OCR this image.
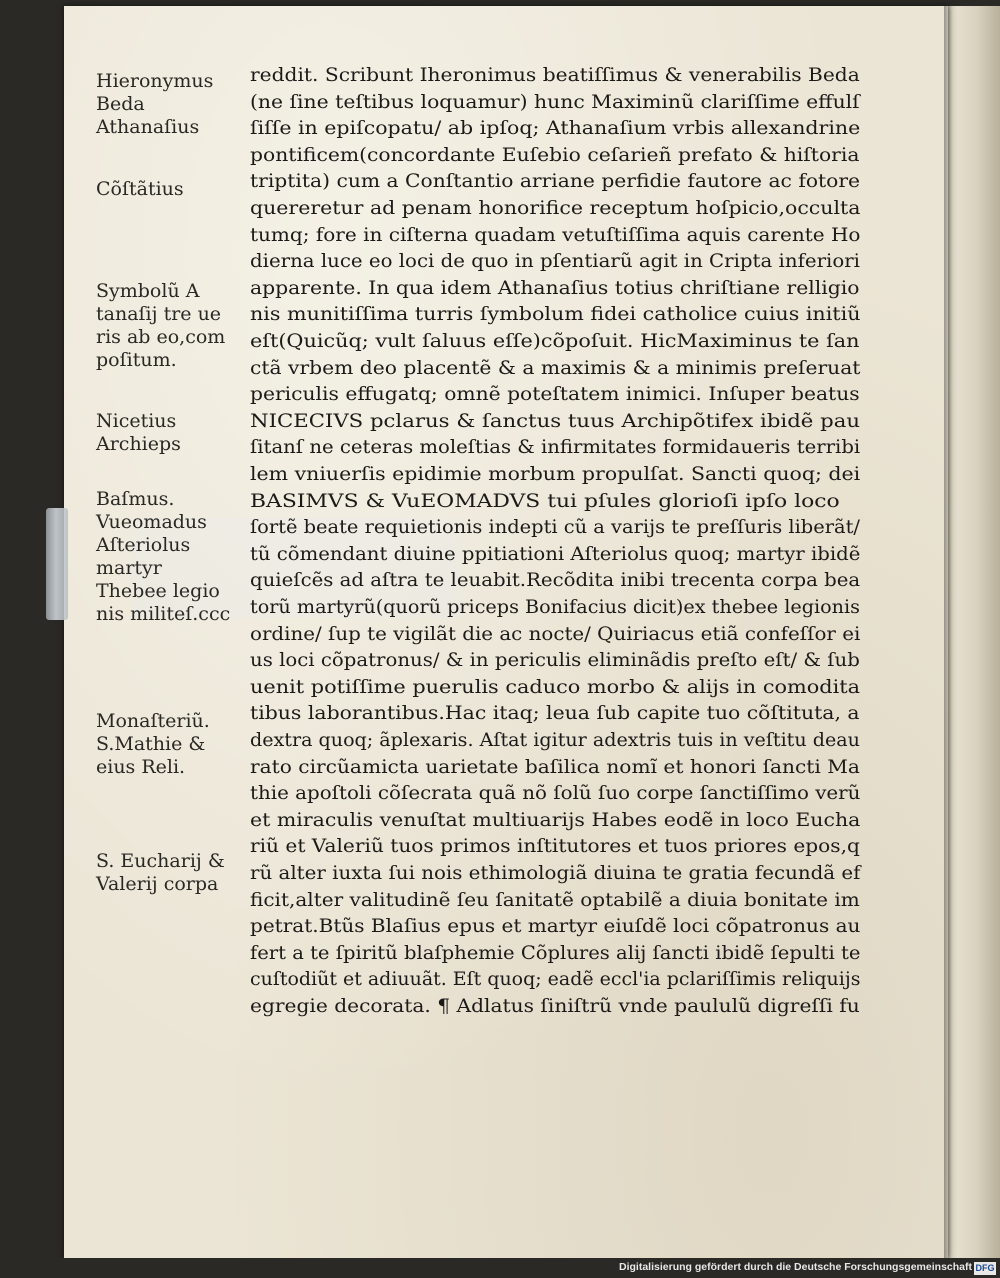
Hieronymus
Beda
Athanaſius
Cõſtãtius
Symbolũ A
tanaſij tre ue
ris ab eo,com
poſitum.
Nicetius
Archieps
Baſmus.
Vueomadus
Aſteriolus
martyr
Thebee legio
nis militeſ.ccc
Monaſteriũ.
S.Mathie &
eius Reli.
S. Eucharij &
Valerij corpa
reddit. Scribunt Iheronimus beatiſſimus & venerabilis Beda
(ne ſine teſtibus loquamur) hunc Maximinũ clariſſime effulſ
ſiſſe in epiſcopatu/ ab ipſoq; Athanaſium vrbis allexandrine
pontificem(concordante Euſebio ceſarieñ prefato & hiſtoria
triptita) cum a Conſtantio arriane perfidie fautore ac fotore
quereretur ad penam honorifice receptum hoſpicio,occulta
tumq; fore in ciſterna quadam vetuſtiſſima aquis carente Ho
dierna luce eo loci de quo in pſentiarũ agit in Cripta inferiori
apparente. In qua idem Athanaſius totius chriſtiane relligio
nis munitiſſima turris ſymbolum fidei catholice cuius initiũ
eſt(Quicũq; vult ſaluus eſſe)cõpoſuit. HicMaximinus te ſan
ctã vrbem deo placentẽ & a maximis & a minimis preſeruat
periculis effugatq; omnẽ poteſtatem inimici. Inſuper beatus
NICECIVS pclarus & ſanctus tuus Archipõtifex ibidẽ pau
ſitanſ ne ceteras moleſtias & infirmitates formidaueris terribi
lem vniuerſis epidimie morbum propulſat. Sancti quoq; dei
BASIMVS & VuEOMADVS tui pſules glorioſi ipſo loco
ſortẽ beate requietionis indepti cũ a varijs te preſſuris liberãt/
tũ cõmendant diuine ppitiationi Aſteriolus quoq; martyr ibidẽ
quieſcẽs ad aſtra te leuabit.Recõdita inibi trecenta corpa bea
torũ martyrũ(quorũ priceps Bonifacius dicit)ex thebee legionis
ordine/ ſup te vigilãt die ac nocte/ Quiriacus etiã confeſſor ei
us loci cõpatronus/ & in periculis eliminãdis preſto eſt/ & ſub
uenit potiſſime puerulis caduco morbo & alijs in comodita
tibus laborantibus.Hac itaq; leua ſub capite tuo cõſtituta, a
dextra quoq; ãplexaris. Aſtat igitur adextris tuis in veſtitu deau
rato circũamicta uarietate baſilica nomĩ et honori ſancti Ma
thie apoſtoli cõſecrata quã nõ ſolũ ſuo corpe ſanctiſſimo verũ
et miraculis venuſtat multiuarijs Habes eodẽ in loco Eucha
riũ et Valeriũ tuos primos inſtitutores et tuos priores epos,q
rũ alter iuxta ſui nois ethimologiã diuina te gratia fecundã ef
ficit,alter valitudinẽ ſeu ſanitatẽ optabilẽ a diuia bonitate im
petrat.Btũs Blaſius epus et martyr eiuſdẽ loci cõpatronus au
fert a te ſpiritũ blaſphemie Cõplures alij ſancti ibidẽ ſepulti te
cuſtodiũt et adiuuãt. Eſt quoq; eadẽ eccl'ia pclariſſimis reliquijs
egregie decorata. ¶ Adlatus ſiniſtrũ vnde paululũ digreſſi fu
Digitalisierung gefördert durch die Deutsche Forschungsgemeinschaft DFG
